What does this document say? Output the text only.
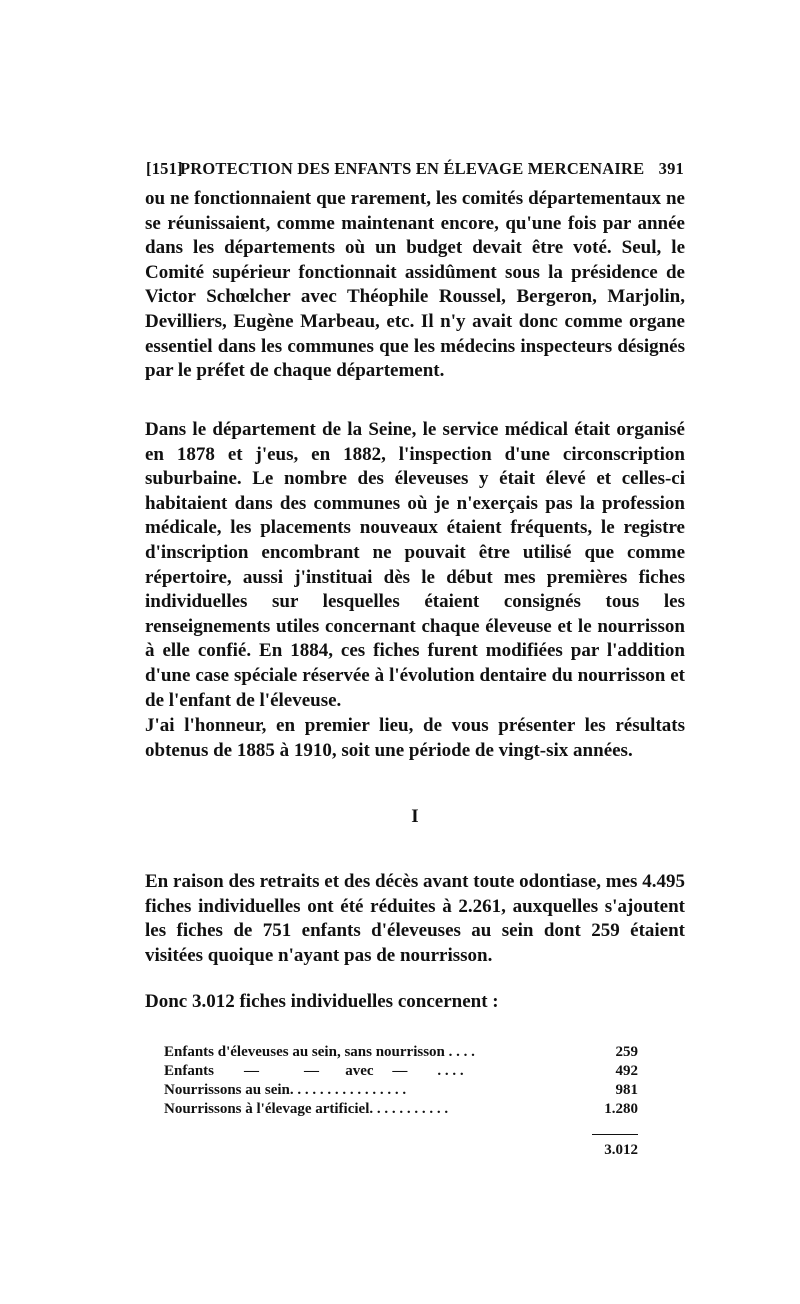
[151]
PROTECTION DES ENFANTS EN ÉLEVAGE MERCENAIRE 391
ou ne fonctionnaient que rarement, les comités départementaux ne se réunissaient, comme maintenant encore, qu'une fois par année dans les départements où un budget devait être voté. Seul, le Comité supérieur fonctionnait assidûment sous la présidence de Victor Schœlcher avec Théophile Roussel, Bergeron, Marjolin, Devilliers, Eugène Marbeau, etc. Il n'y avait donc comme organe essentiel dans les communes que les médecins inspecteurs désignés par le préfet de chaque département.
Dans le département de la Seine, le service médical était organisé en 1878 et j'eus, en 1882, l'inspection d'une circonscription suburbaine. Le nombre des éleveuses y était élevé et celles-ci habitaient dans des communes où je n'exerçais pas la profession médicale, les placements nouveaux étaient fréquents, le registre d'inscription encombrant ne pouvait être utilisé que comme répertoire, aussi j'instituai dès le début mes premières fiches individuelles sur lesquelles étaient consignés tous les renseignements utiles concernant chaque éleveuse et le nourrisson à elle confié. En 1884, ces fiches furent modifiées par l'addition d'une case spéciale réservée à l'évolution dentaire du nourrisson et de l'enfant de l'éleveuse.
J'ai l'honneur, en premier lieu, de vous présenter les résultats obtenus de 1885 à 1910, soit une période de vingt-six années.
I
En raison des retraits et des décès avant toute odontiase, mes 4.495 fiches individuelles ont été réduites à 2.261, auxquelles s'ajoutent les fiches de 751 enfants d'éleveuses au sein dont 259 étaient visitées quoique n'ayant pas de nourrisson.
Donc 3.012 fiches individuelles concernent :
Enfants d'éleveuses au sein, sans nourrisson . . . .	259
Enfants        —            —       avec     —        . . . .	492
Nourrissons au sein. . . . . . . . . . . . . . . .	981
Nourrissons à l'élevage artificiel. . . . . . . . . . .	1.280
3.012
